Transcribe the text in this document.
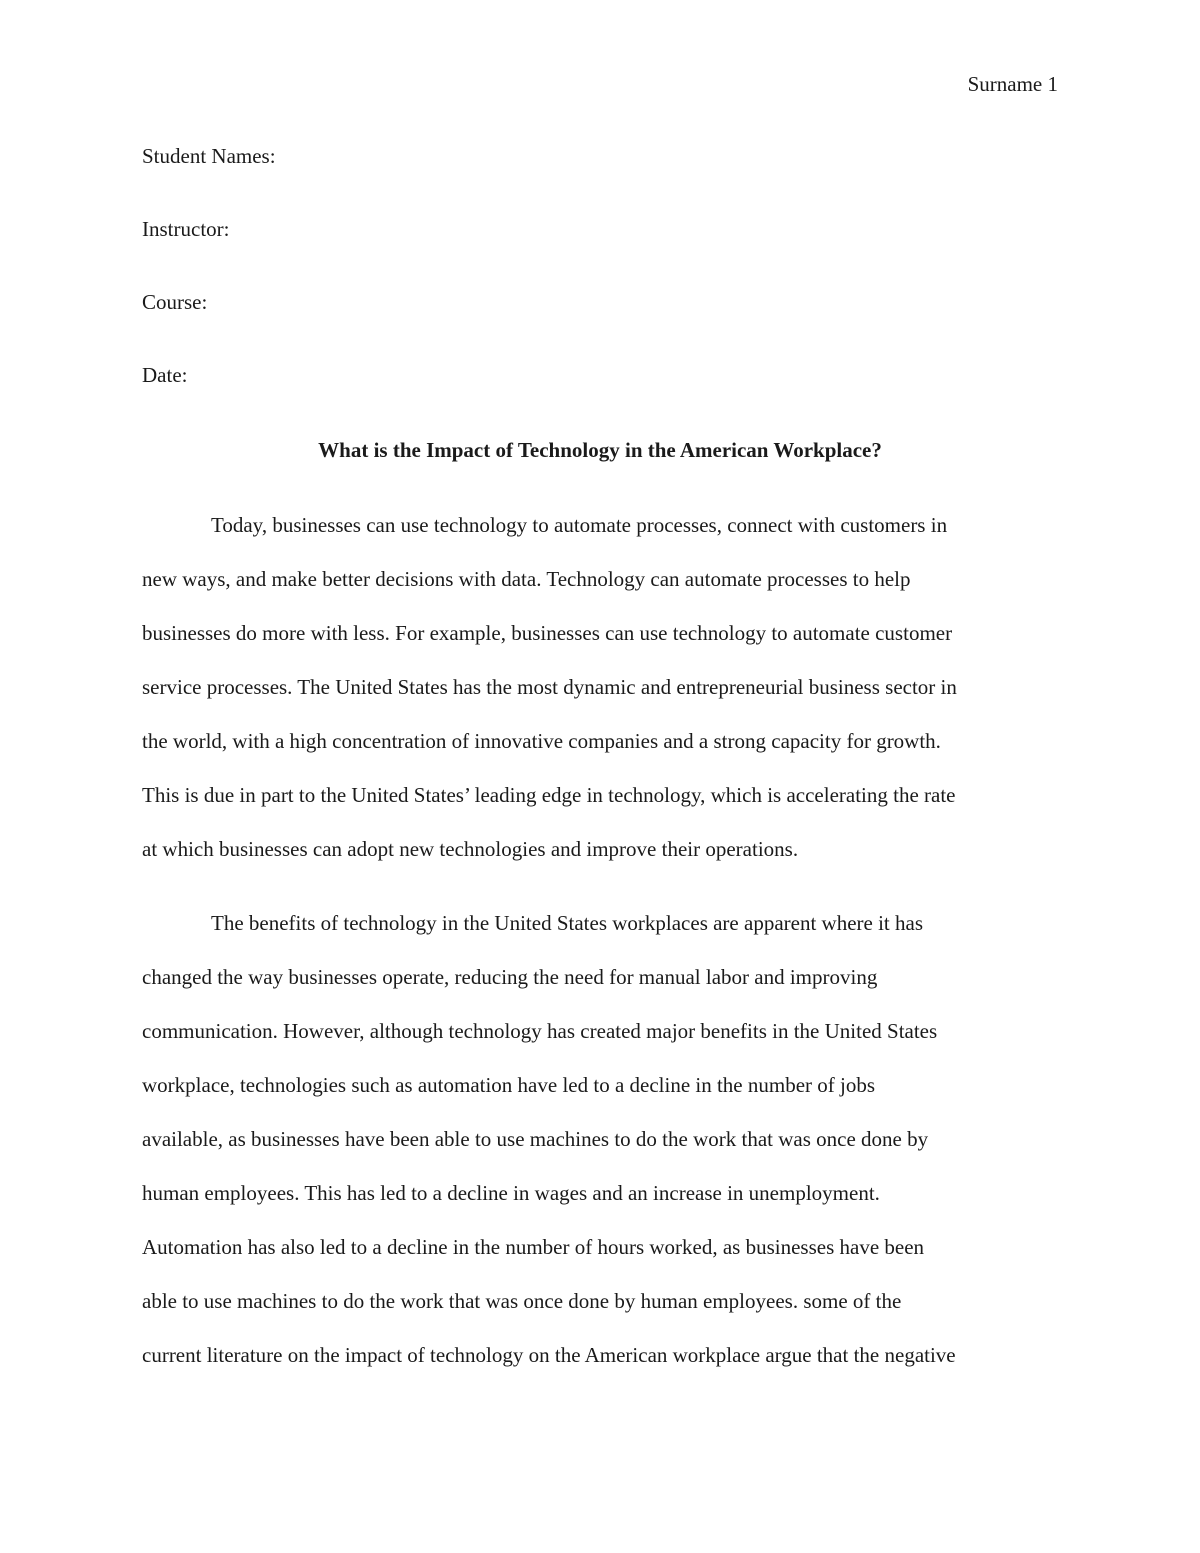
Surname 1
Student Names:
Instructor:
Course:
Date:
What is the Impact of Technology in the American Workplace?
Today, businesses can use technology to automate processes, connect with customers in
new ways, and make better decisions with data. Technology can automate processes to help
businesses do more with less. For example, businesses can use technology to automate customer
service processes. The United States has the most dynamic and entrepreneurial business sector in
the world, with a high concentration of innovative companies and a strong capacity for growth.
This is due in part to the United States’ leading edge in technology, which is accelerating the rate
at which businesses can adopt new technologies and improve their operations.
The benefits of technology in the United States workplaces are apparent where it has
changed the way businesses operate, reducing the need for manual labor and improving
communication. However, although technology has created major benefits in the United States
workplace, technologies such as automation have led to a decline in the number of jobs
available, as businesses have been able to use machines to do the work that was once done by
human employees. This has led to a decline in wages and an increase in unemployment.
Automation has also led to a decline in the number of hours worked, as businesses have been
able to use machines to do the work that was once done by human employees. some of the
current literature on the impact of technology on the American workplace argue that the negative
